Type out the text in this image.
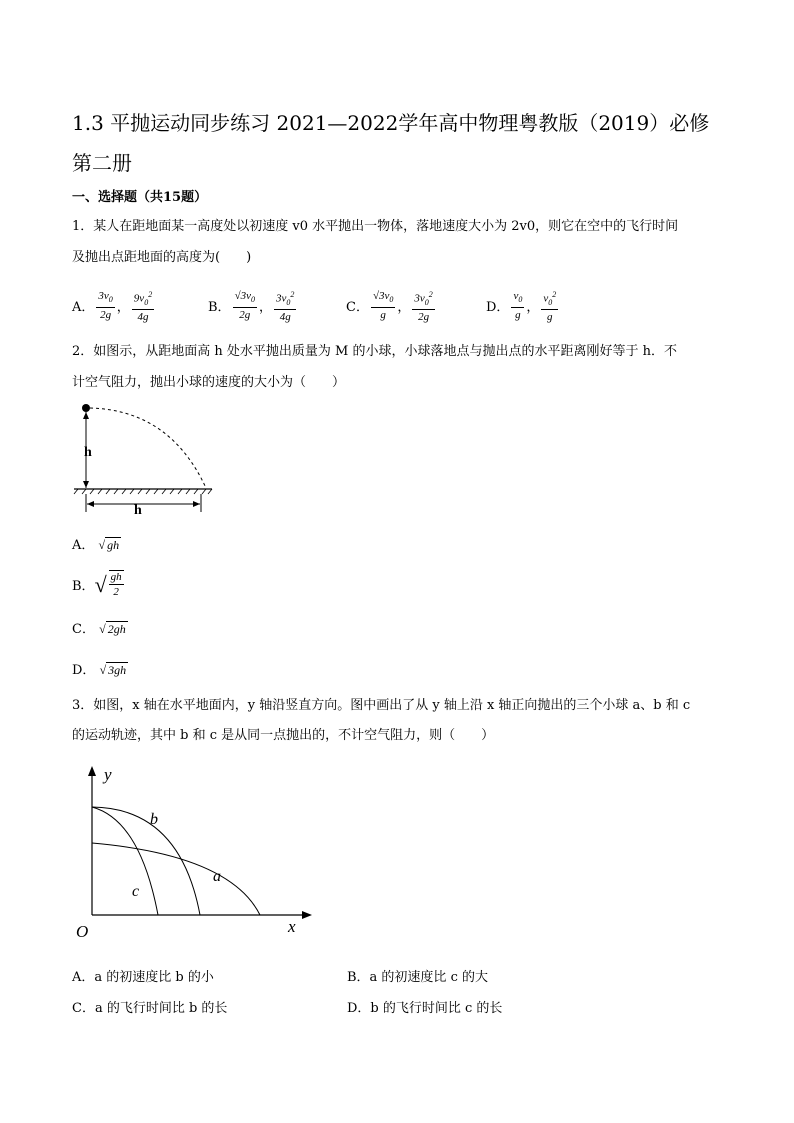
1.3 平抛运动同步练习 2021—2022学年高中物理粤教版（2019）必修第二册
一、选择题（共15题）
1．某人在距地面某一高度处以初速度 v0 水平抛出一物体，落地速度大小为 2v0，则它在空中的飞行时间
及抛出点距地面的高度为(　　)
A． $\frac{3v_0}{2g}$ ， $\frac{9v_0^2}{4g}$	B． $\frac{√3v_0}{2g}$ ， $\frac{3v_0^2}{4g}$	C． $\frac{√3v_0}{g}$ ， $\frac{3v_0^2}{2g}$	D． $\frac{v_0}{g}$ ， $\frac{v_0^2}{g}$
2．如图示，从距地面高 h 处水平抛出质量为 M 的小球，小球落地点与抛出点的水平距离刚好等于 h．不
计空气阻力，抛出小球的速度的大小为（　　）
h
h
A． √ gh
B． √ $\frac{gh}{2}$
C． √ 2gh
D． √ 3gh
3．如图，x 轴在水平地面内，y 轴沿竖直方向。图中画出了从 y 轴上沿 x 轴正向抛出的三个小球 a、b 和 c
的运动轨迹，其中 b 和 c 是从同一点抛出的，不计空气阻力，则（　　）
y
x
O
b
a
c
A．a 的初速度比 b 的小	B．a 的初速度比 c 的大
C．a 的飞行时间比 b 的长	D．b 的飞行时间比 c 的长
